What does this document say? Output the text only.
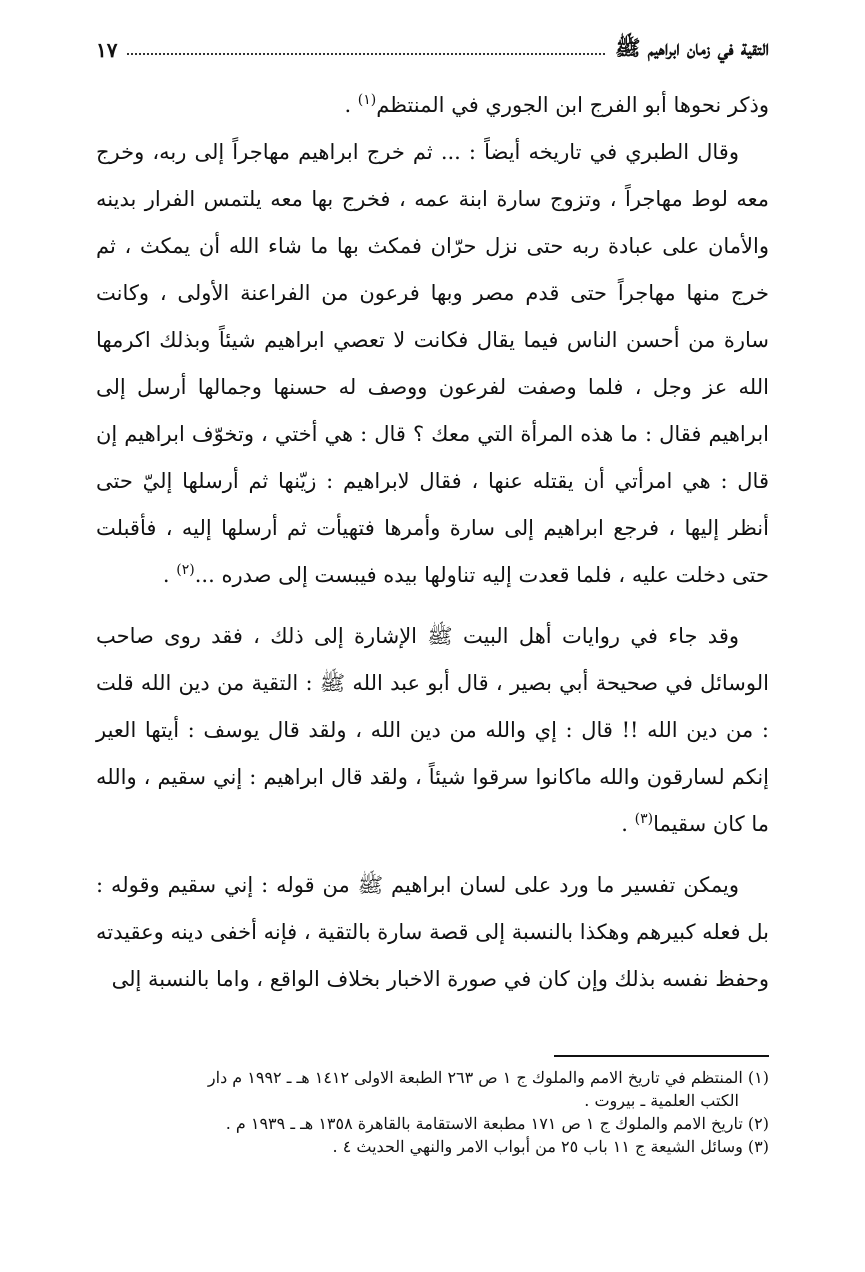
التقية في زمان ابراهيم ﷺ
١٧

وذكر نحوها أبو الفرج ابن الجوري في المنتظم$^{(١)}$ .

وقال الطبري في تاريخه أيضاً : ... ثم خرج ابراهيم مهاجراً إلى ربه، وخرج معه لوط مهاجراً ، وتزوج سارة ابنة عمه ، فخرج بها معه يلتمس الفرار بدينه والأمان على عبادة ربه حتى نزل حرّان فمكث بها ما شاء الله أن يمكث ، ثم خرج منها مهاجراً حتى قدم مصر وبها فرعون من الفراعنة الأولى ، وكانت سارة من أحسن الناس فيما يقال فكانت لا تعصي ابراهيم شيئاً وبذلك اكرمها الله عز وجل ، فلما وصفت لفرعون ووصف له حسنها وجمالها أرسل إلى ابراهيم فقال : ما هذه المرأة التي معك ؟ قال : هي أختي ، وتخوّف ابراهيم إن قال : هي امرأتي أن يقتله عنها ، فقال لابراهيم : زيّنها ثم أرسلها إليّ حتى أنظر إليها ، فرجع ابراهيم إلى سارة وأمرها فتهيأت ثم أرسلها إليه ، فأقبلت حتى دخلت عليه ، فلما قعدت إليه تناولها بيده فيبست إلى صدره ...$^{(٢)}$ .

وقد جاء في روايات أهل البيت ﷺ الإشارة إلى ذلك ، فقد روى صاحب الوسائل في صحيحة أبي بصير ، قال أبو عبد الله ﷺ : التقية من دين الله قلت : من دين الله !! قال : إي والله من دين الله ، ولقد قال يوسف : أيتها العير إنكم لسارقون والله ماكانوا سرقوا شيئاً ، ولقد قال ابراهيم : إني سقيم ، والله ما كان سقيما$^{(٣)}$ .

ويمكن تفسير ما ورد على لسان ابراهيم ﷺ من قوله : إني سقيم وقوله : بل فعله كبيرهم وهكذا بالنسبة إلى قصة سارة بالتقية ، فإنه أخفى دينه وعقيدته وحفظ نفسه بذلك وإن كان في صورة الاخبار بخلاف الواقع ، واما بالنسبة إلى

(١) المنتظم في تاريخ الامم والملوك ج ١ ص ٢٦٣ الطبعة الاولى ١٤١٢ هـ ـ ١٩٩٢ م دار

الكتب العلمية ـ بيروت .

(٢) تاريخ الامم والملوك ج ١ ص ١٧١ مطبعة الاستقامة بالقاهرة ١٣٥٨ هـ ـ ١٩٣٩ م .

(٣) وسائل الشيعة ج ١١ باب ٢٥ من أبواب الامر والنهي الحديث ٤ .
